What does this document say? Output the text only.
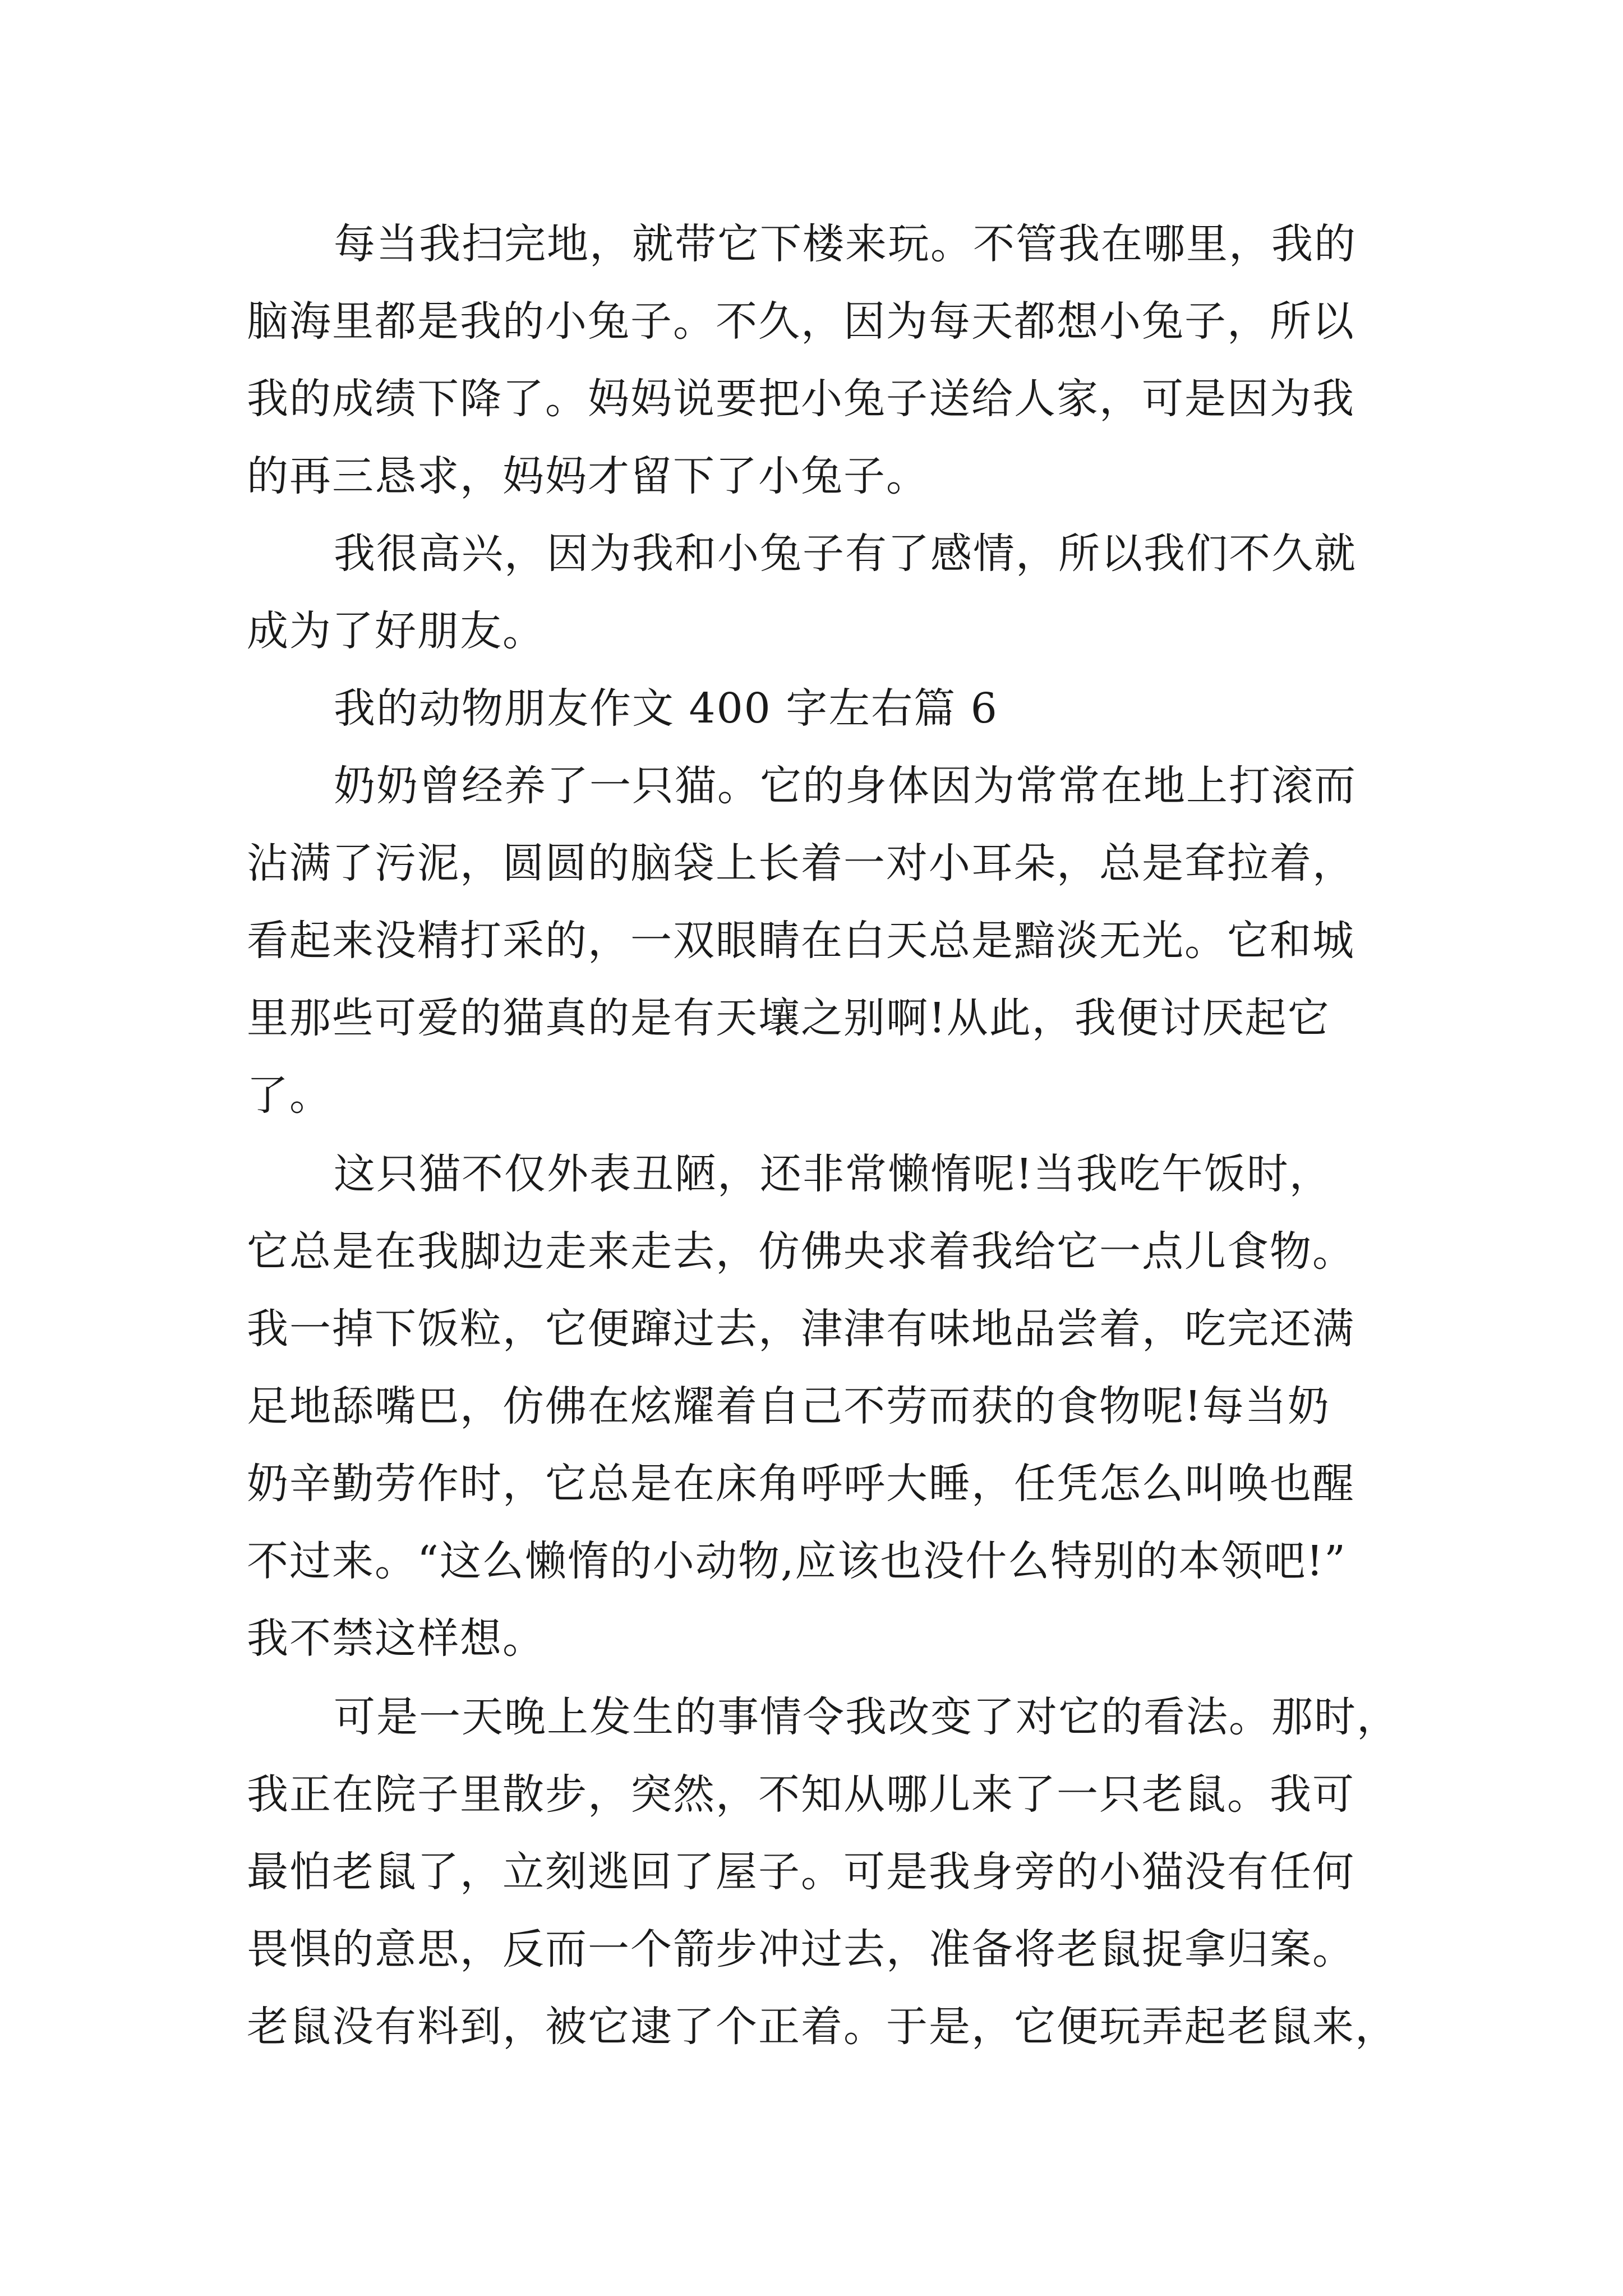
每当我扫完地，就带它下楼来玩。不管我在哪里，我的
脑海里都是我的小兔子。不久，因为每天都想小兔子，所以
我的成绩下降了。妈妈说要把小兔子送给人家，可是因为我
的再三恳求，妈妈才留下了小兔子。
我很高兴，因为我和小兔子有了感情，所以我们不久就
成为了好朋友。
我的动物朋友作文 400 字左右篇 6
奶奶曾经养了一只猫。它的身体因为常常在地上打滚而
沾满了污泥，圆圆的脑袋上长着一对小耳朵，总是耷拉着，
看起来没精打采的，一双眼睛在白天总是黯淡无光。它和城
里那些可爱的猫真的是有天壤之别啊!从此，我便讨厌起它
了。
这只猫不仅外表丑陋，还非常懒惰呢!当我吃午饭时，
它总是在我脚边走来走去，仿佛央求着我给它一点儿食物。
我一掉下饭粒，它便蹿过去，津津有味地品尝着，吃完还满
足地舔嘴巴，仿佛在炫耀着自己不劳而获的食物呢!每当奶
奶辛勤劳作时，它总是在床角呼呼大睡，任凭怎么叫唤也醒
不过来。“这么懒惰的小动物,应该也没什么特别的本领吧!”
我不禁这样想。
可是一天晚上发生的事情令我改变了对它的看法。那时，
我正在院子里散步，突然，不知从哪儿来了一只老鼠。我可
最怕老鼠了，立刻逃回了屋子。可是我身旁的小猫没有任何
畏惧的意思，反而一个箭步冲过去，准备将老鼠捉拿归案。
老鼠没有料到，被它逮了个正着。于是，它便玩弄起老鼠来，
